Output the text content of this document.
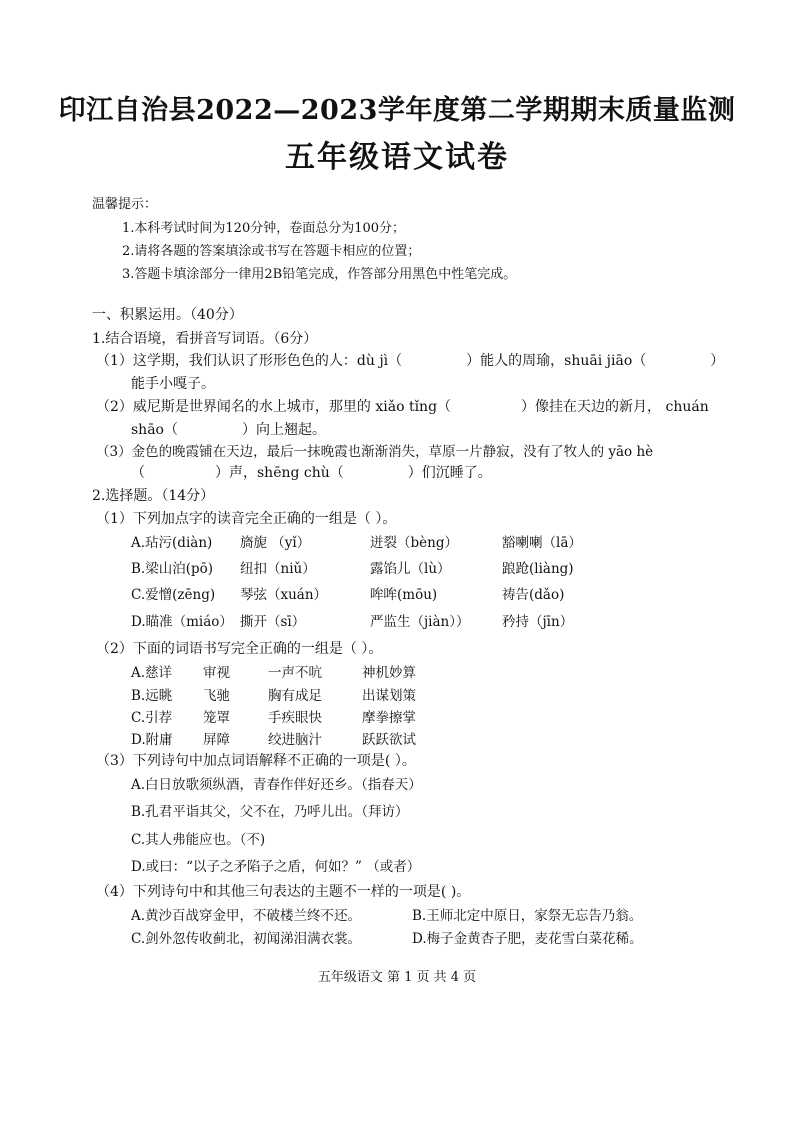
印江自治县2022—2023学年度第二学期期末质量监测
五年级语文试卷
温馨提示：
1.本科考试时间为120分钟，卷面总分为100分；
2.请将各题的答案填涂或书写在答题卡相应的位置；
3.答题卡填涂部分一律用2B铅笔完成，作答部分用黑色中性笔完成。
一、积累运用。（40分）
1.结合语境，看拼音写词语。（6分）
（1）这学期，我们认识了形形色色的人：dù jì（	）能人的周瑜，shuāi jiāo（	）
能手小嘎子。
（2）威尼斯是世界闻名的水上城市，那里的 xiǎo tǐng（	）像挂在天边的新月， chuán
shāo（	）向上翘起。
（3）金色的晚霞铺在天边，最后一抹晚霞也渐渐消失，草原一片静寂，没有了牧人的 yāo hè
（	）声，shēng chù（	）们沉睡了。
2.选择题。（14分）
（1）下列加点字的读音完全正确的一组是（ ）。
A.玷污(diàn) 旖旎 （yǐ）	迸裂（bèng）	豁喇喇（lā）
B.梁山泊(pō) 纽扣（niǔ）	露馅儿（lù）	踉跄(liàng)
C.爱憎(zēng) 琴弦（xuán）	哞哞(mōu)	祷告(dǎo)
D.瞄准（miáo） 撕开（sī）	严监生（jiàn）） 矜持（jīn）
（2）下面的词语书写完全正确的一组是（ ）。
A.慈详 审视	一声不吭	神机妙算
B.远眺 飞驰	胸有成足	出谋划策
C.引荐 笼罩	手疾眼快	摩拳擦掌
D.附庸 屏障	绞进脑汁	跃跃欲试
（3）下列诗句中加点词语解释不正确的一项是( ）。
A.白日放歌须纵酒，青春作伴好还乡。（指春天）
B.孔君平诣其父，父不在，乃呼儿出。（拜访）
C.其人弗能应也。（不)
D.或曰：“以子之矛陷子之盾，何如？” （或者）
（4）下列诗句中和其他三句表达的主题不一样的一项是( )。
A.黄沙百战穿金甲，不破楼兰终不还。	B.王师北定中原日，家祭无忘告乃翁。
C.剑外忽传收蓟北，初闻涕泪满衣裳。	D.梅子金黄杏子肥，麦花雪白菜花稀。
五年级语文 第 1 页 共 4 页
